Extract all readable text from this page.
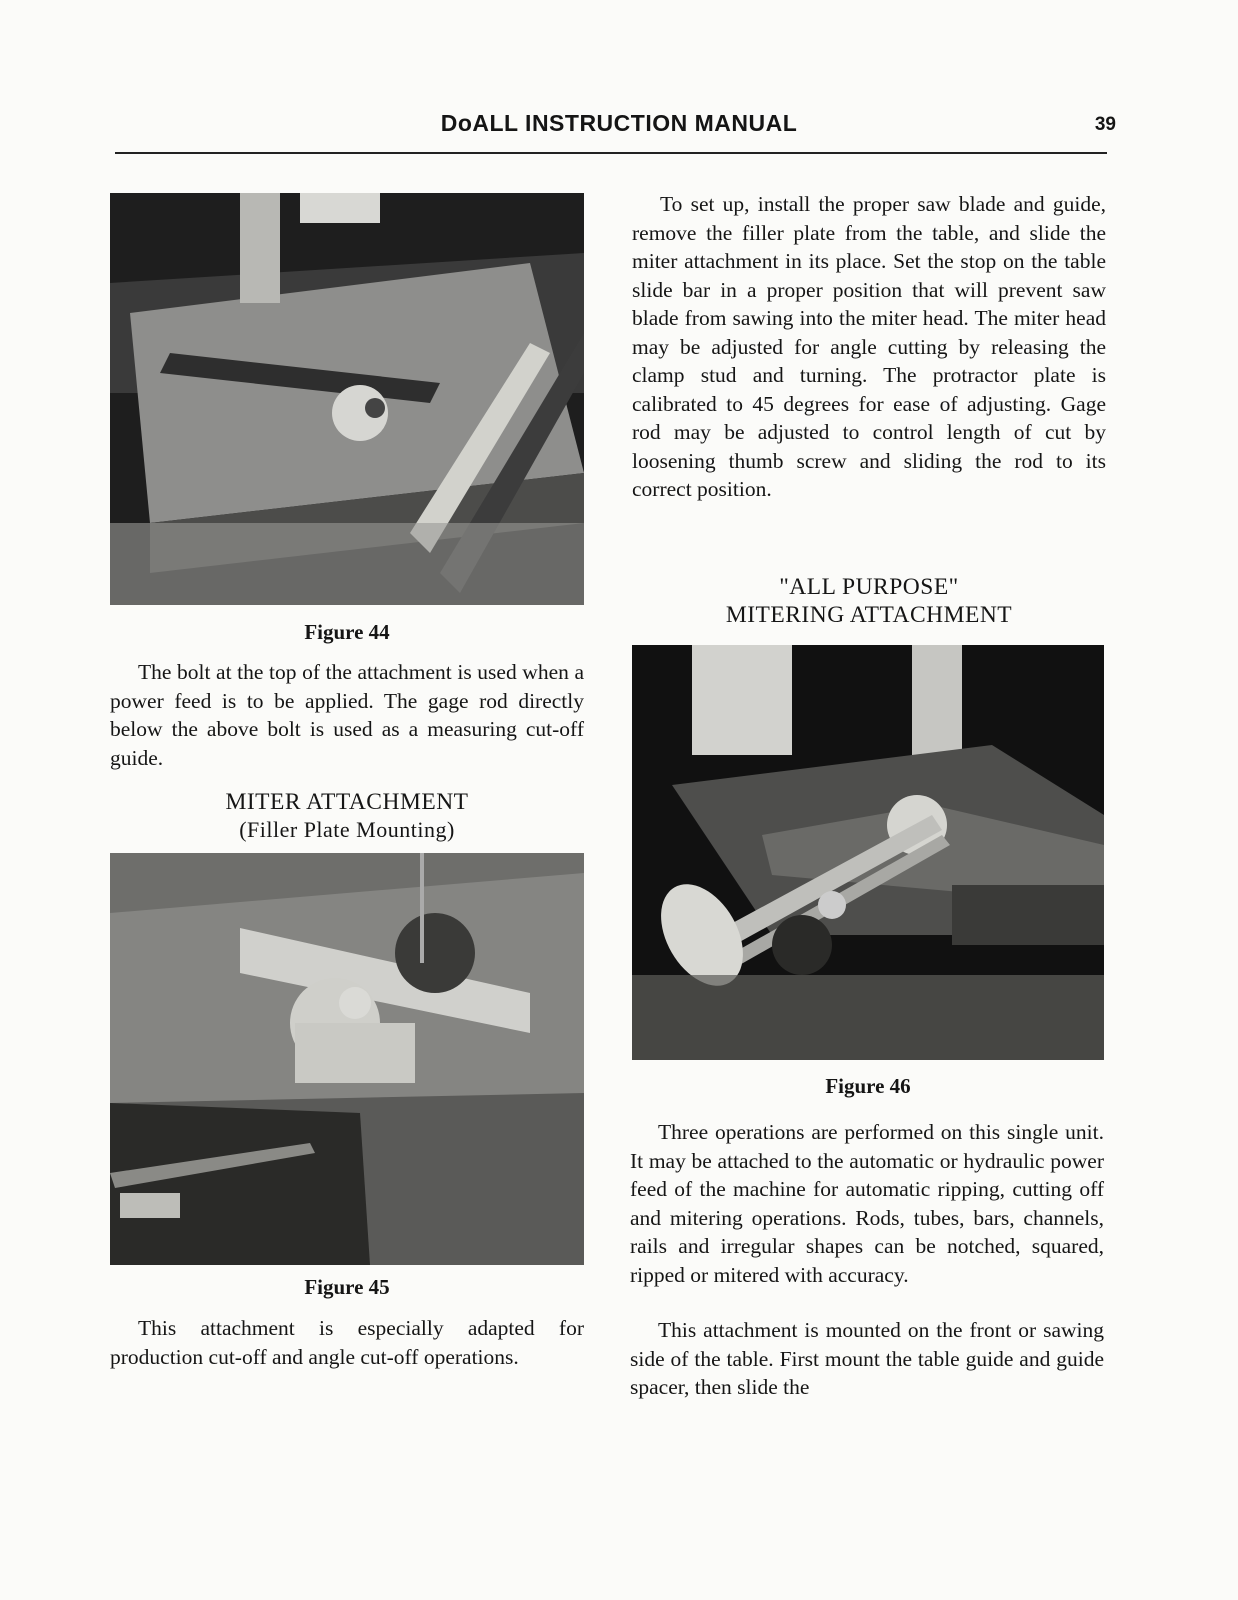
DoALL INSTRUCTION MANUAL	39
Figure 44

The bolt at the top of the attachment is used when a power feed is to be applied. The gage rod directly below the above bolt is used as a measuring cut-off guide.

MITER ATTACHMENT
(Filler Plate Mounting)
Figure 45

This attachment is especially adapted for production cut-off and angle cut-off operations.

To set up, install the proper saw blade and guide, remove the filler plate from the table, and slide the miter attachment in its place. Set the stop on the table slide bar in a proper position that will prevent saw blade from sawing into the miter head. The miter head may be adjusted for angle cutting by releasing the clamp stud and turning. The protractor plate is calibrated to 45 degrees for ease of adjusting. Gage rod may be adjusted to control length of cut by loosening thumb screw and sliding the rod to its correct position.

"ALL PURPOSE"
MITERING ATTACHMENT
Figure 46

Three operations are performed on this single unit. It may be attached to the automatic or hydraulic power feed of the machine for automatic ripping, cutting off and mitering operations. Rods, tubes, bars, channels, rails and irregular shapes can be notched, squared, ripped or mitered with accuracy.

This attachment is mounted on the front or sawing side of the table. First mount the table guide and guide spacer, then slide the
